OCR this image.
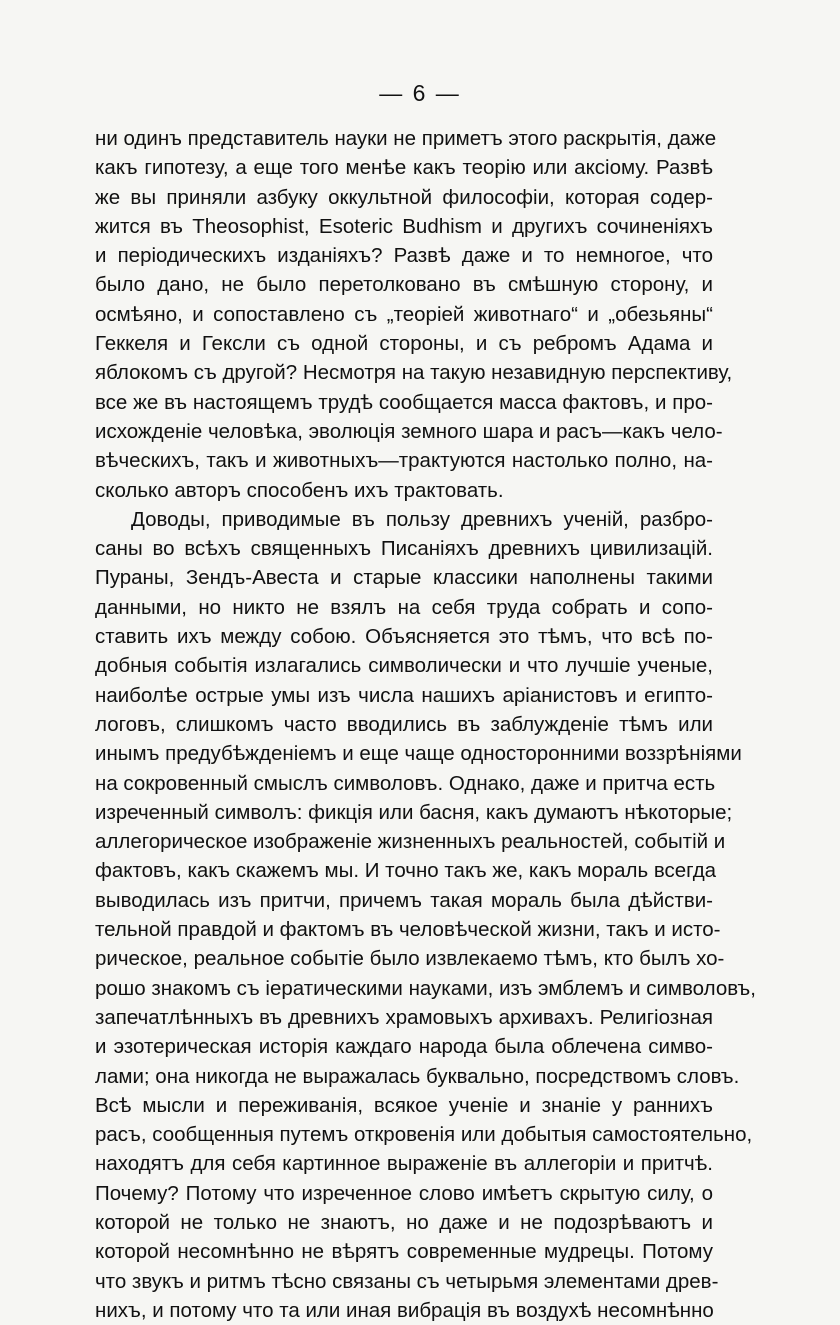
— 6 —
ни одинъ представитель науки не приметъ этого раскрытія, даже
какъ гипотезу, а еще того менѣе какъ теорію или аксіому. Развѣ
же вы приняли азбуку оккультной философіи, которая содер-
жится въ Theosophist, Esoteric Budhism и другихъ сочиненіяхъ
и періодическихъ изданіяхъ? Развѣ даже и то немногое, что
было дано, не было перетолковано въ смѣшную сторону, и
осмѣяно, и сопоставлено съ „теоріей животнаго“ и „обезьяны“
Геккеля и Гексли съ одной стороны, и съ ребромъ Адама и
яблокомъ съ другой? Несмотря на такую незавидную перспективу,
все же въ настоящемъ трудѣ сообщается масса фактовъ, и про-
исхожденіе человѣка, эволюція земного шара и расъ—какъ чело-
вѣческихъ, такъ и животныхъ—трактуются настолько полно, на-
сколько авторъ способенъ ихъ трактовать.
Доводы, приводимые въ пользу древнихъ ученій, разбро-
саны во всѣхъ священныхъ Писаніяхъ древнихъ цивилизацій.
Пураны, Зендъ-Авеста и старые классики наполнены такими
данными, но никто не взялъ на себя труда собрать и сопо-
ставить ихъ между собою. Объясняется это тѣмъ, что всѣ по-
добныя событія излагались символически и что лучшіе ученые,
наиболѣе острые умы изъ числа нашихъ аріанистовъ и египто-
логовъ, слишкомъ часто вводились въ заблужденіе тѣмъ или
инымъ предубѣжденіемъ и еще чаще односторонними воззрѣніями
на сокровенный смыслъ символовъ. Однако, даже и притча есть
изреченный символъ: фикція или басня, какъ думаютъ нѣкоторые;
аллегорическое изображеніе жизненныхъ реальностей, событій и
фактовъ, какъ скажемъ мы. И точно такъ же, какъ мораль всегда
выводилась изъ притчи, причемъ такая мораль была дѣйстви-
тельной правдой и фактомъ въ человѣческой жизни, такъ и исто-
рическое, реальное событіе было извлекаемо тѣмъ, кто былъ хо-
рошо знакомъ съ іератическими науками, изъ эмблемъ и символовъ,
запечатлѣнныхъ въ древнихъ храмовыхъ архивахъ. Религіозная
и эзотерическая исторія каждаго народа была облечена симво-
лами; она никогда не выражалась буквально, посредствомъ словъ.
Всѣ мысли и переживанія, всякое ученіе и знаніе у раннихъ
расъ, сообщенныя путемъ откровенія или добытыя самостоятельно,
находятъ для себя картинное выраженіе въ аллегоріи и притчѣ.
Почему? Потому что изреченное слово имѣетъ скрытую силу, о
которой не только не знаютъ, но даже и не подозрѣваютъ и
которой несомнѣнно не вѣрятъ современные мудрецы. Потому
что звукъ и ритмъ тѣсно связаны съ четырьмя элементами древ-
нихъ, и потому что та или иная вибрація въ воздухѣ несомнѣнно
